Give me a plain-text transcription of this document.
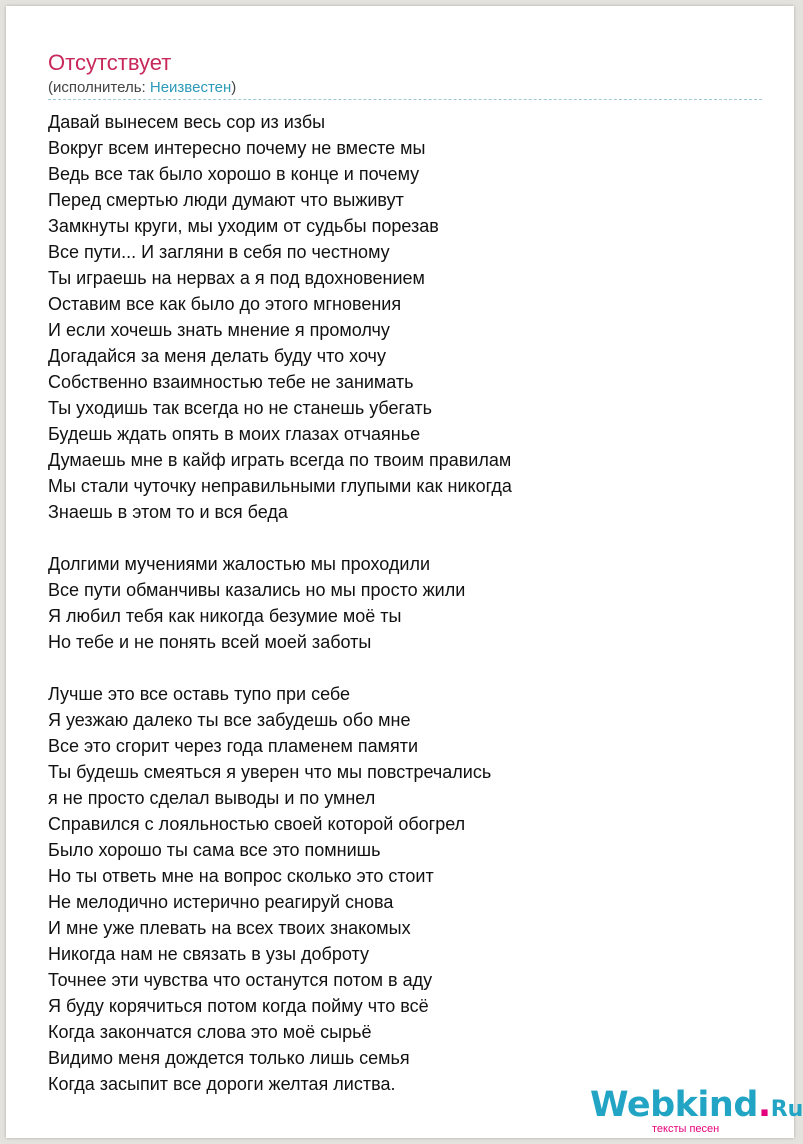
Отсутствует
(исполнитель: Неизвестен)
Давай вынесем весь сор из избы
Вокруг всем интересно почему не вместе мы
Ведь все так было хорошо в конце и почему
Перед смертью люди думают что выживут
Замкнуты круги, мы уходим от судьбы порезав
Все пути... И загляни в себя по честному
Ты играешь на нервах а я под вдохновением
Оставим все как было до этого мгновения
И если хочешь знать мнение я промолчу
Догадайся за меня делать буду что хочу
Собственно взаимностью тебе не занимать
Ты уходишь так всегда но не станешь убегать
Будешь ждать опять в моих глазах отчаянье
Думаешь мне в кайф играть всегда по твоим правилам
Мы стали чуточку неправильными глупыми как никогда
Знаешь в этом то и вся беда
Долгими мучениями жалостью мы проходили
Все пути обманчивы казались но мы просто жили
Я любил тебя как никогда безумие моё ты
Но тебе и не понять всей моей заботы
Лучше это все оставь тупо при себе
Я уезжаю далеко ты все забудешь обо мне
Все это сгорит через года пламенем памяти
Ты будешь смеяться я уверен что мы повстречались
я не просто сделал выводы и по умнел
Справился с лояльностью своей которой обогрел
Было хорошо ты сама все это помнишь
Но ты ответь мне на вопрос сколько это стоит
Не мелодично истерично реагируй снова
И мне уже плевать на всех твоих знакомых
Никогда нам не связать в узы доброту
Точнее эти чувства что останутся потом в аду
Я буду корячиться потом когда пойму что всё
Когда закончатся слова это моё сырьё
Видимо меня дождется только лишь семья
Когда засыпит все дороги желтая листва.
Webkind.Ru
тексты песен
